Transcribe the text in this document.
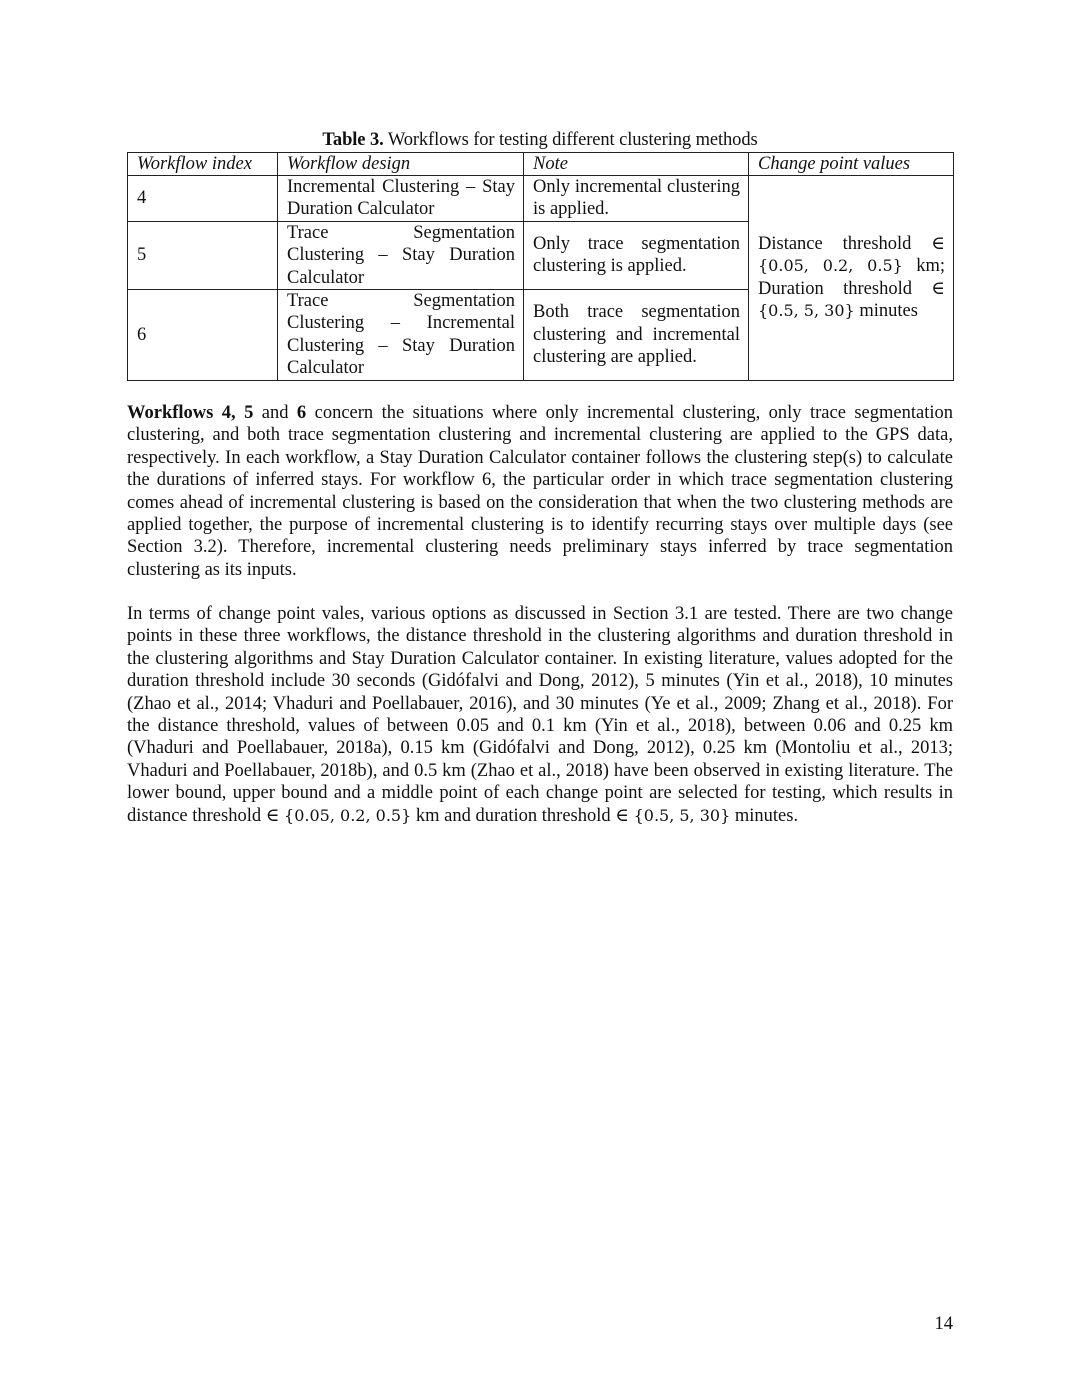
Table 3. Workflows for testing different clustering methods
Workflow index	Workflow design	Note	Change point values
4	Incremental Clustering – Stay Duration Calculator	Only incremental clustering is applied.	Distance threshold ∈ {0.05, 0.2, 0.5} km; Duration threshold ∈ {0.5, 5, 30} minutes
5	Trace Segmentation Clustering – Stay Duration Calculator	Only trace segmentation clustering is applied.	
6	Trace Segmentation Clustering – Incremental Clustering – Stay Duration Calculator	Both trace segmentation clustering and incremental clustering are applied.	

Workflows 4, 5 and 6 concern the situations where only incremental clustering, only trace segmentation clustering, and both trace segmentation clustering and incremental clustering are applied to the GPS data, respectively. In each workflow, a Stay Duration Calculator container follows the clustering step(s) to calculate the durations of inferred stays. For workflow 6, the particular order in which trace segmentation clustering comes ahead of incremental clustering is based on the consideration that when the two clustering methods are applied together, the purpose of incremental clustering is to identify recurring stays over multiple days (see Section 3.2). Therefore, incremental clustering needs preliminary stays inferred by trace segmentation clustering as its inputs.

In terms of change point vales, various options as discussed in Section 3.1 are tested. There are two change points in these three workflows, the distance threshold in the clustering algorithms and duration threshold in the clustering algorithms and Stay Duration Calculator container. In existing literature, values adopted for the duration threshold include 30 seconds (Gidófalvi and Dong, 2012), 5 minutes (Yin et al., 2018), 10 minutes (Zhao et al., 2014; Vhaduri and Poellabauer, 2016), and 30 minutes (Ye et al., 2009; Zhang et al., 2018). For the distance threshold, values of between 0.05 and 0.1 km (Yin et al., 2018), between 0.06 and 0.25 km (Vhaduri and Poellabauer, 2018a), 0.15 km (Gidófalvi and Dong, 2012), 0.25 km (Montoliu et al., 2013; Vhaduri and Poellabauer, 2018b), and 0.5 km (Zhao et al., 2018) have been observed in existing literature. The lower bound, upper bound and a middle point of each change point are selected for testing, which results in distance threshold ∈ {0.05, 0.2, 0.5} km and duration threshold ∈ {0.5, 5, 30} minutes.

14
